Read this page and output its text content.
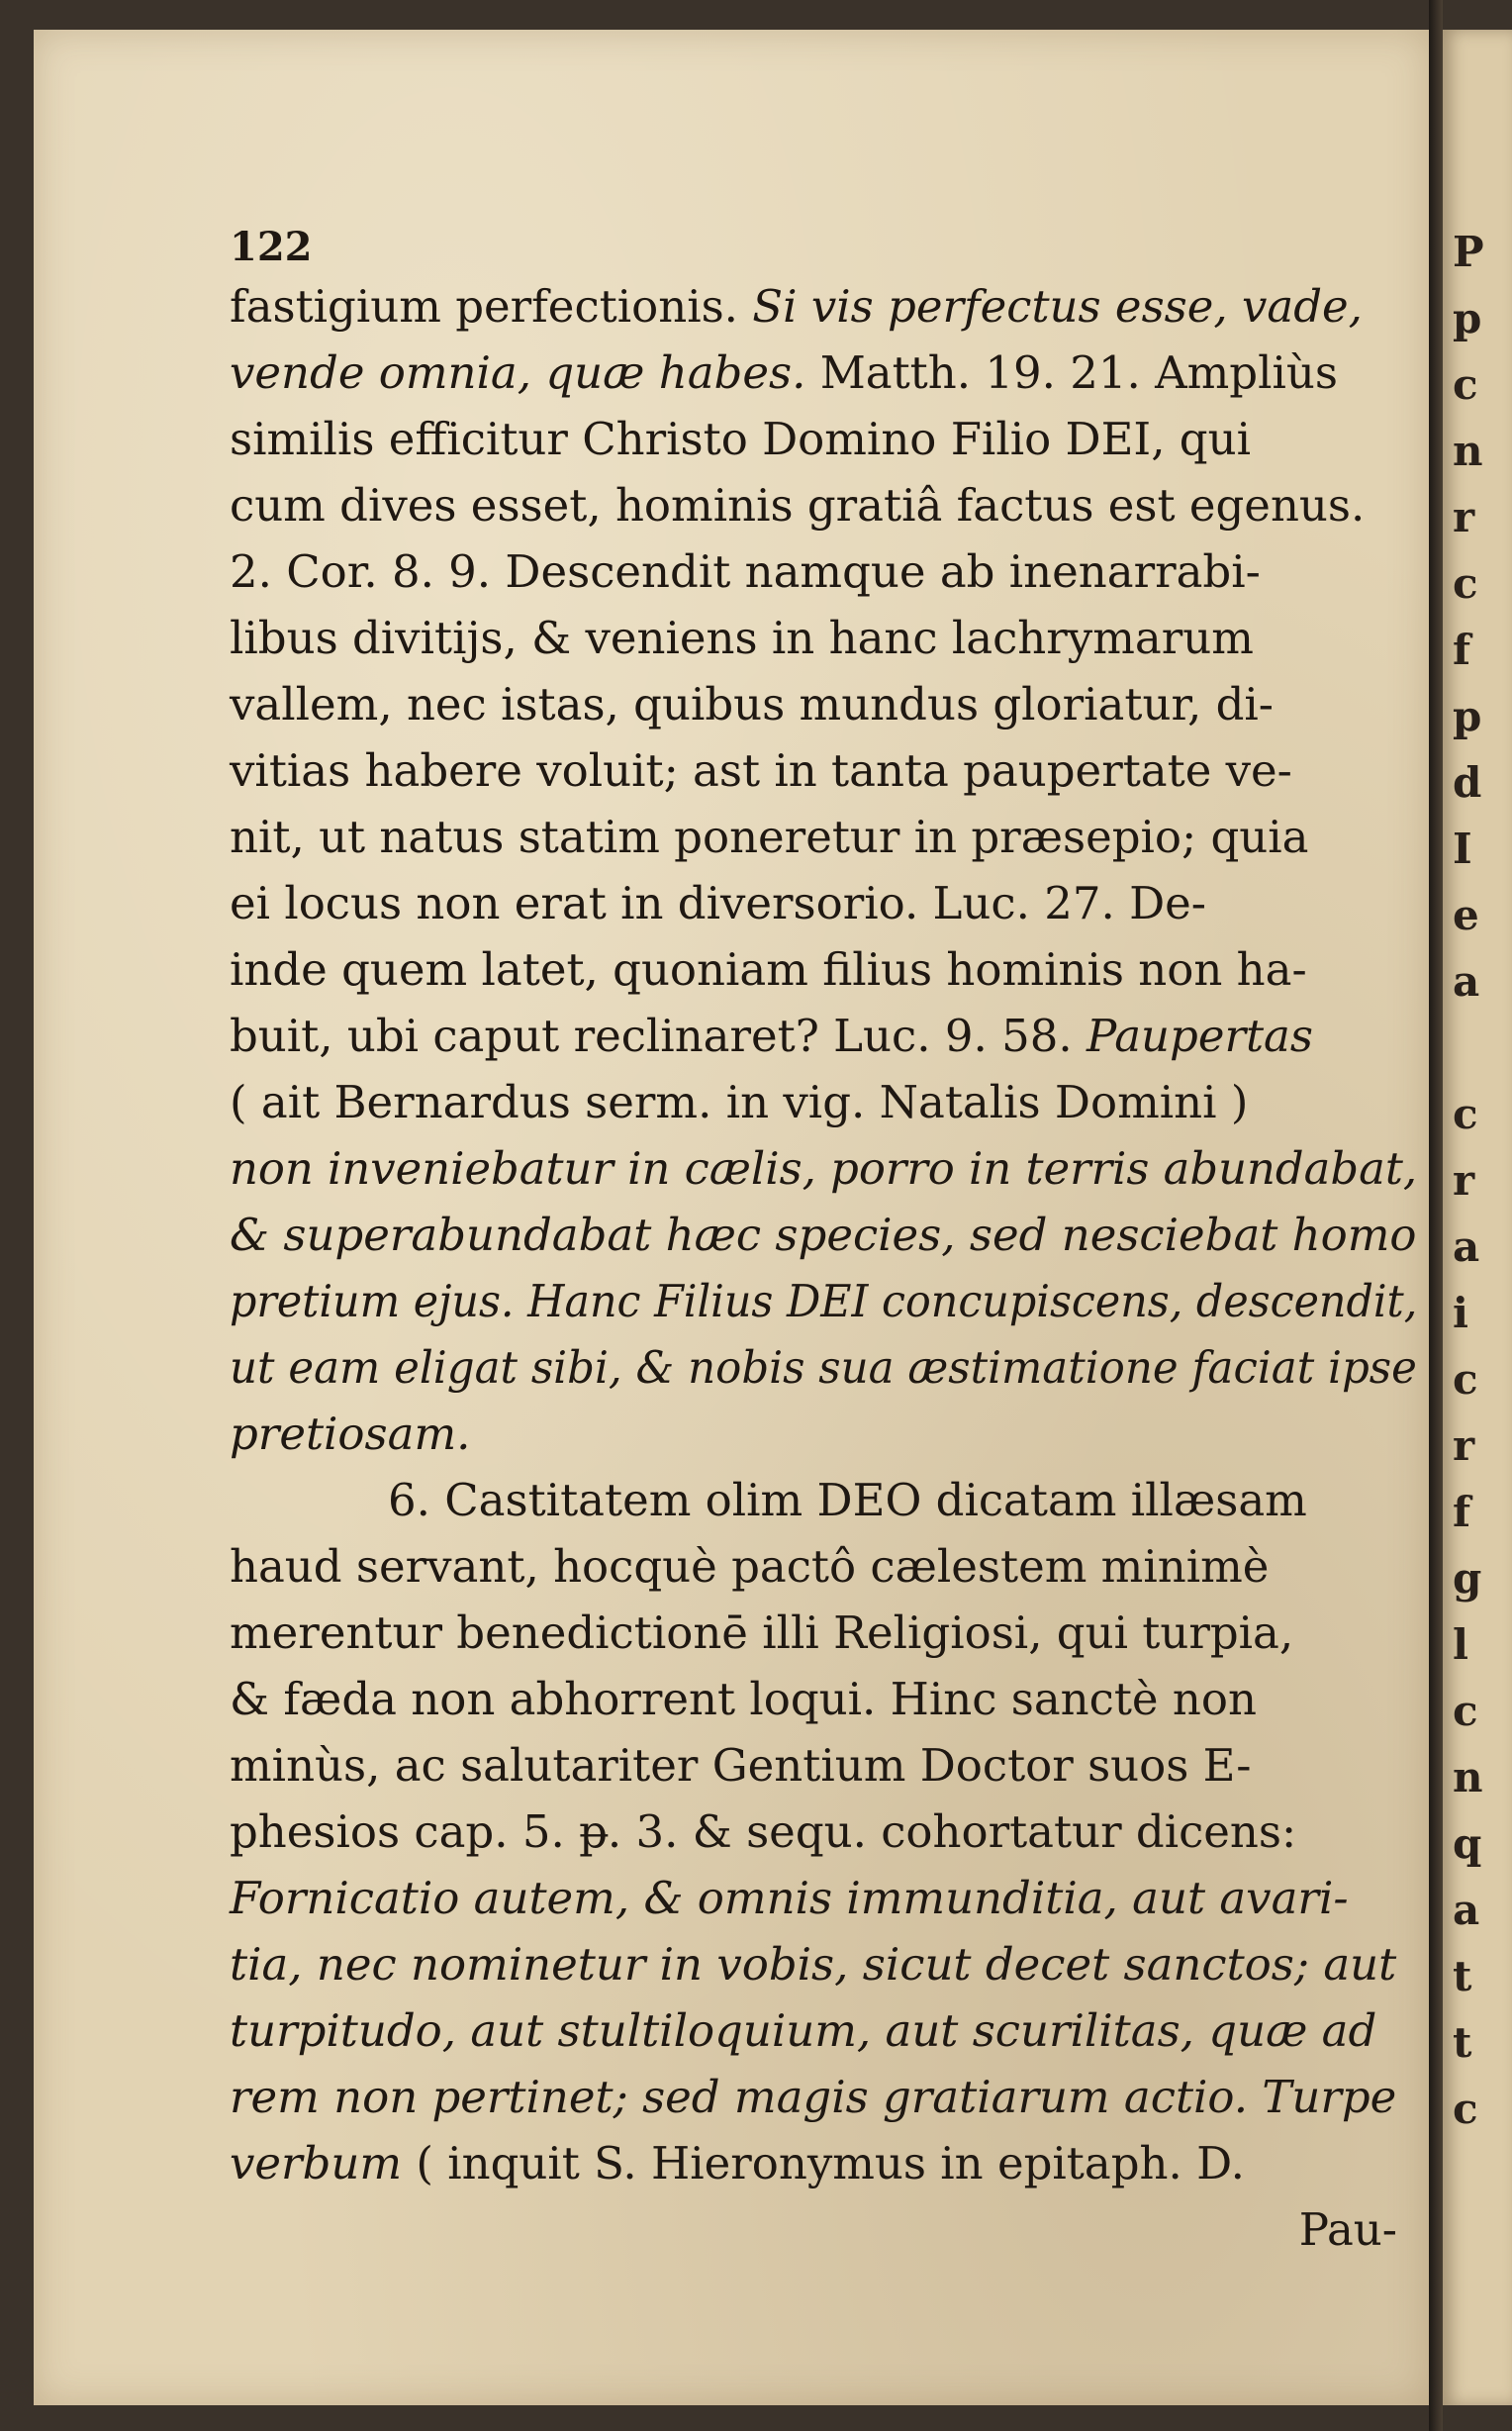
122
fastigium perfectionis. Si vis perfectus esse, vade,
vende omnia, quæ habes. Matth. 19. 21. Ampliùs
similis efficitur Christo Domino Filio DEI, qui
cum dives esset, hominis gratiâ factus est egenus.
2. Cor. 8. 9. Descendit namque ab inenarrabi-
libus divitijs, & veniens in hanc lachrymarum
vallem, nec istas, quibus mundus gloriatur, di-
vitias habere voluit; ast in tanta paupertate ve-
nit, ut natus statim poneretur in præsepio; quia
ei locus non erat in diversorio. Luc. 27. De-
inde quem latet, quoniam filius hominis non ha-
buit, ubi caput reclinaret? Luc. 9. 58. Paupertas
( ait Bernardus serm. in vig. Natalis Domini )
non inveniebatur in cælis, porro in terris abundabat,
& superabundabat hæc species, sed nesciebat homo
pretium ejus. Hanc Filius DEI concupiscens, descendit,
ut eam eligat sibi, & nobis sua æstimatione faciat ipse
pretiosam.
6. Castitatem olim DEO dicatam illæsam
haud servant, hocquè pactô cælestem minimè
merentur benedictionē illi Religiosi, qui turpia,
& fæda non abhorrent loqui. Hinc sanctè non
minùs, ac salutariter Gentium Doctor suos E-
phesios cap. 5. ᵽ. 3. & sequ. cohortatur dicens:
Fornicatio autem, & omnis immunditia, aut avari-
tia, nec nominetur in vobis, sicut decet sanctos; aut
turpitudo, aut stultiloquium, aut scurilitas, quæ ad
rem non pertinet; sed magis gratiarum actio. Turpe
verbum ( inquit S. Hieronymus in epitaph. D.
Pau-
P
p
c
n
r
c
f
p
d
I
e
a
c
r
a
i
c
r
f
g
l
c
n
q
a
t
t
c
